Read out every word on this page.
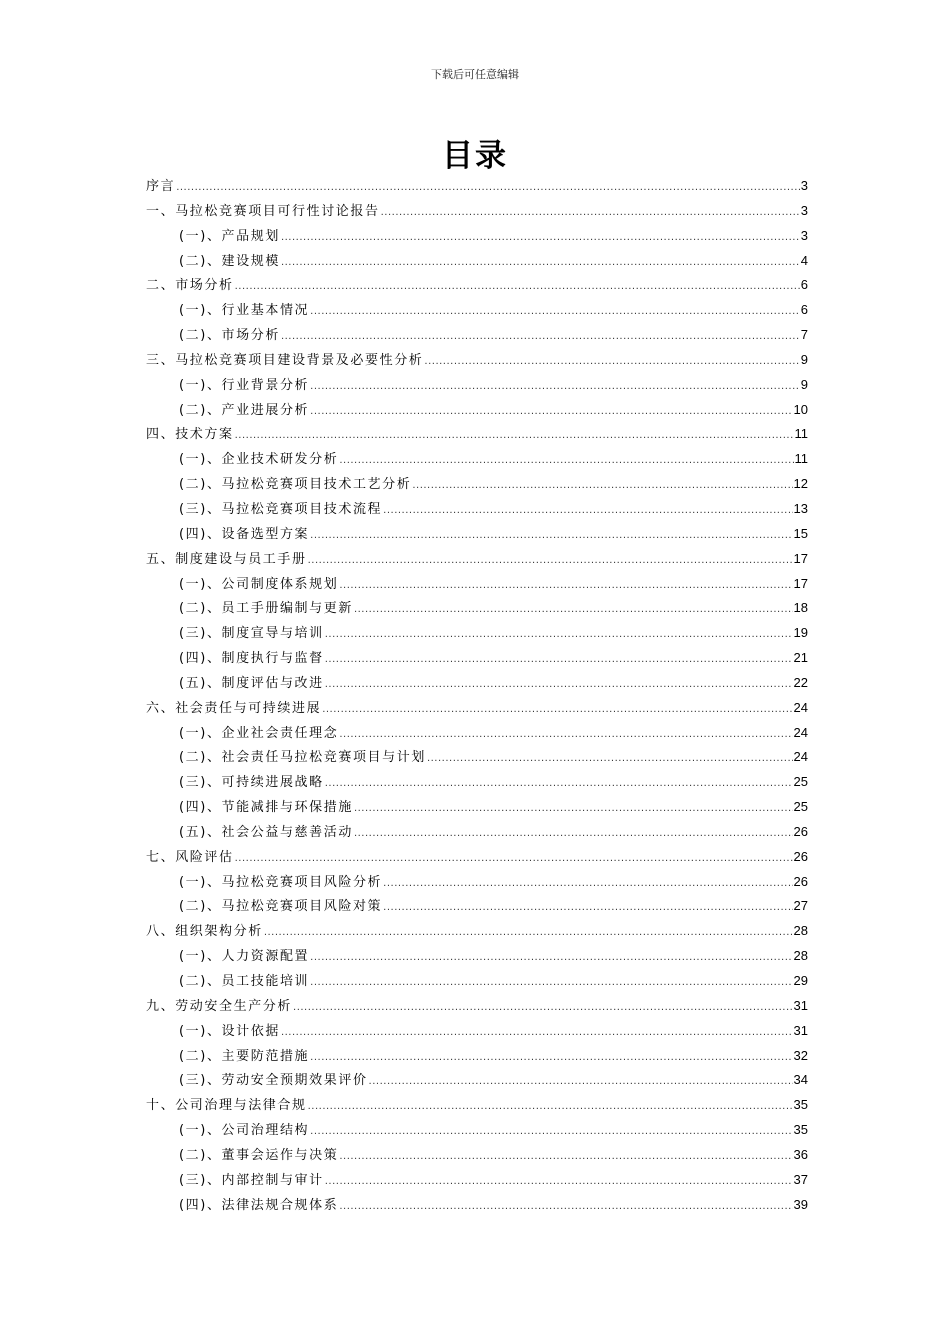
下载后可任意编辑
目录
序言 .....	3
一、马拉松竞赛项目可行性讨论报告 .....	3
(一)、产品规划 .....	3
(二)、建设规模 .....	4
二、市场分析 .....	6
(一)、行业基本情况 .....	6
(二)、市场分析 .....	7
三、马拉松竞赛项目建设背景及必要性分析 .....	9
(一)、行业背景分析 .....	9
(二)、产业进展分析 .....	10
四、技术方案 .....	11
(一)、企业技术研发分析 .....	11
(二)、马拉松竞赛项目技术工艺分析 .....	12
(三)、马拉松竞赛项目技术流程 .....	13
(四)、设备选型方案 .....	15
五、制度建设与员工手册 .....	17
(一)、公司制度体系规划 .....	17
(二)、员工手册编制与更新 .....	18
(三)、制度宣导与培训 .....	19
(四)、制度执行与监督 .....	21
(五)、制度评估与改进 .....	22
六、社会责任与可持续进展 .....	24
(一)、企业社会责任理念 .....	24
(二)、社会责任马拉松竞赛项目与计划 .....	24
(三)、可持续进展战略 .....	25
(四)、节能减排与环保措施 .....	25
(五)、社会公益与慈善活动 .....	26
七、风险评估 .....	26
(一)、马拉松竞赛项目风险分析 .....	26
(二)、马拉松竞赛项目风险对策 .....	27
八、组织架构分析 .....	28
(一)、人力资源配置 .....	28
(二)、员工技能培训 .....	29
九、劳动安全生产分析 .....	31
(一)、设计依据 .....	31
(二)、主要防范措施 .....	32
(三)、劳动安全预期效果评价 .....	34
十、公司治理与法律合规 .....	35
(一)、公司治理结构 .....	35
(二)、董事会运作与决策 .....	36
(三)、内部控制与审计 .....	37
(四)、法律法规合规体系 .....	39
